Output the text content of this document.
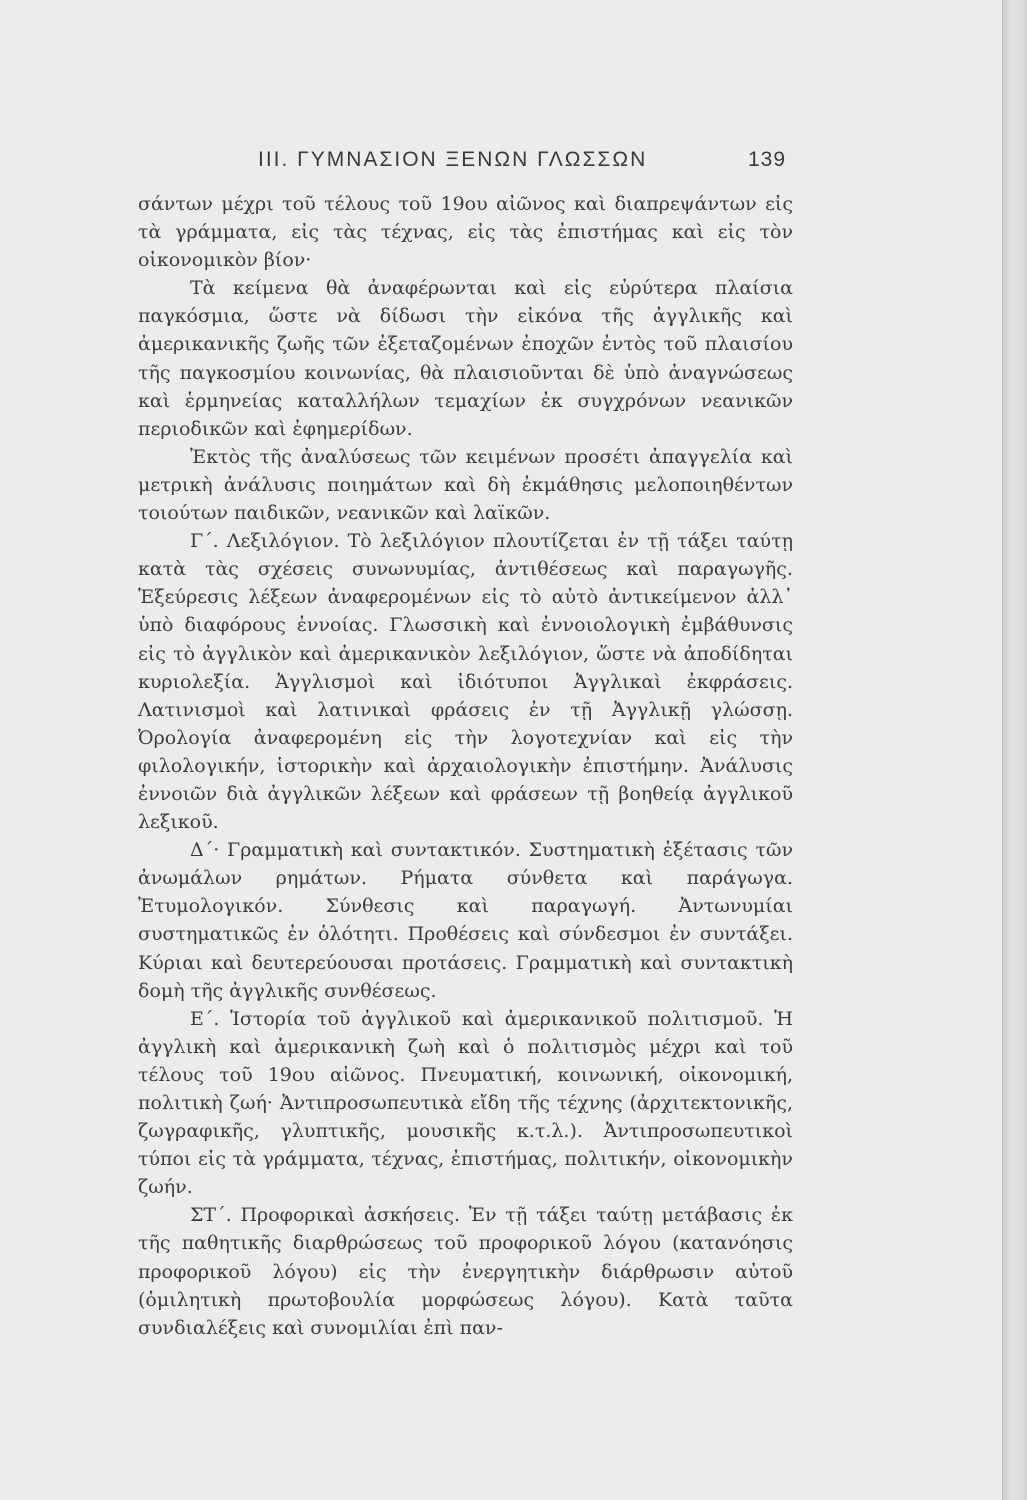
III. ΓΥΜΝΑΣΙΟΝ ΞΕΝΩΝ ΓΛΩΣΣΩΝ	139

σάντων μέχρι τοῦ τέλους τοῦ 19ου αἰῶνος καὶ διαπρεψάντων εἰς τὰ γράμματα, εἰς τὰς τέχνας, εἰς τὰς ἐπιστήμας καὶ εἰς τὸν οἰκονομικὸν βίον·

Τὰ κείμενα θὰ ἀναφέρωνται καὶ εἰς εὐρύτερα πλαίσια παγκόσμια, ὥστε νὰ δίδωσι τὴν εἰκόνα τῆς ἀγγλικῆς καὶ ἀμερικανικῆς ζωῆς τῶν ἐξεταζομένων ἐποχῶν ἐντὸς τοῦ πλαισίου τῆς παγκοσμίου κοινωνίας, θὰ πλαισιοῦνται δὲ ὑπὸ ἀναγνώσεως καὶ ἑρμηνείας καταλλήλων τεμαχίων ἐκ συγχρόνων νεανικῶν περιοδικῶν καὶ ἐφημερίδων.

Ἐκτὸς τῆς ἀναλύσεως τῶν κειμένων προσέτι ἀπαγγελία καὶ μετρικὴ ἀνάλυσις ποιημάτων καὶ δὴ ἐκμάθησις μελοποιηθέντων τοιούτων παιδικῶν, νεανικῶν καὶ λαϊκῶν.

Γ΄. Λεξιλόγιον. Τὸ λεξιλόγιον πλουτίζεται ἐν τῇ τάξει ταύτῃ κατὰ τὰς σχέσεις συνωνυμίας, ἀντιθέσεως καὶ παραγωγῆς. Ἐξεύρεσις λέξεων ἀναφερομένων εἰς τὸ αὐτὸ ἀντικείμενον ἀλλ᾽ ὑπὸ διαφόρους ἐννοίας. Γλωσσικὴ καὶ ἐννοιολογικὴ ἐμβάθυνσις εἰς τὸ ἀγγλικὸν καὶ ἀμερικανικὸν λεξιλόγιον, ὥστε νὰ ἀποδίδηται κυριολεξία. Ἀγγλισμοὶ καὶ ἰδιότυποι Ἀγγλικαὶ ἐκφράσεις. Λατινισμοὶ καὶ λατινικαὶ φράσεις ἐν τῇ Ἀγγλικῇ γλώσσῃ. Ὀρολογία ἀναφερομένη εἰς τὴν λογοτεχνίαν καὶ εἰς τὴν φιλολογικήν, ἱστορικὴν καὶ ἀρχαιολογικὴν ἐπιστήμην. Ἀνάλυσις ἐννοιῶν διὰ ἀγγλικῶν λέξεων καὶ φράσεων τῇ βοηθείᾳ ἀγγλικοῦ λεξικοῦ.

Δ΄· Γραμματικὴ καὶ συντακτικόν. Συστηματικὴ ἐξέτασις τῶν ἀνωμάλων ρημάτων. Ρήματα σύνθετα καὶ παράγωγα. Ἐτυμολογικόν. Σύνθεσις καὶ παραγωγή. Ἀντωνυμίαι συστηματικῶς ἐν ὁλότητι. Προθέσεις καὶ σύνδεσμοι ἐν συντάξει. Κύριαι καὶ δευτερεύουσαι προτάσεις. Γραμματικὴ καὶ συντακτικὴ δομὴ τῆς ἀγγλικῆς συνθέσεως.

Ε΄. Ἱστορία τοῦ ἀγγλικοῦ καὶ ἀμερικανικοῦ πολιτισμοῦ. Ἡ ἀγγλικὴ καὶ ἀμερικανικὴ ζωὴ καὶ ὁ πολιτισμὸς μέχρι καὶ τοῦ τέλους τοῦ 19ου αἰῶνος. Πνευματική, κοινωνική, οἰκονομική, πολιτικὴ ζωή· Ἀντιπροσωπευτικὰ εἴδη τῆς τέχνης (ἀρχιτεκτονικῆς, ζωγραφικῆς, γλυπτικῆς, μουσικῆς κ.τ.λ.). Ἀντιπροσωπευτικοὶ τύποι εἰς τὰ γράμματα, τέχνας, ἐπιστήμας, πολιτικήν, οἰκονομικὴν ζωήν.

ΣΤ΄. Προφορικαὶ ἀσκήσεις. Ἐν τῇ τάξει ταύτῃ μετάβασις ἐκ τῆς παθητικῆς διαρθρώσεως τοῦ προφορικοῦ λόγου (κατανόησις προφορικοῦ λόγου) εἰς τὴν ἐνεργητικὴν διάρθρωσιν αὐτοῦ (ὁμιλητικὴ πρωτοβουλία μορφώσεως λόγου). Κατὰ ταῦτα συνδιαλέξεις καὶ συνομιλίαι ἐπὶ παν-
